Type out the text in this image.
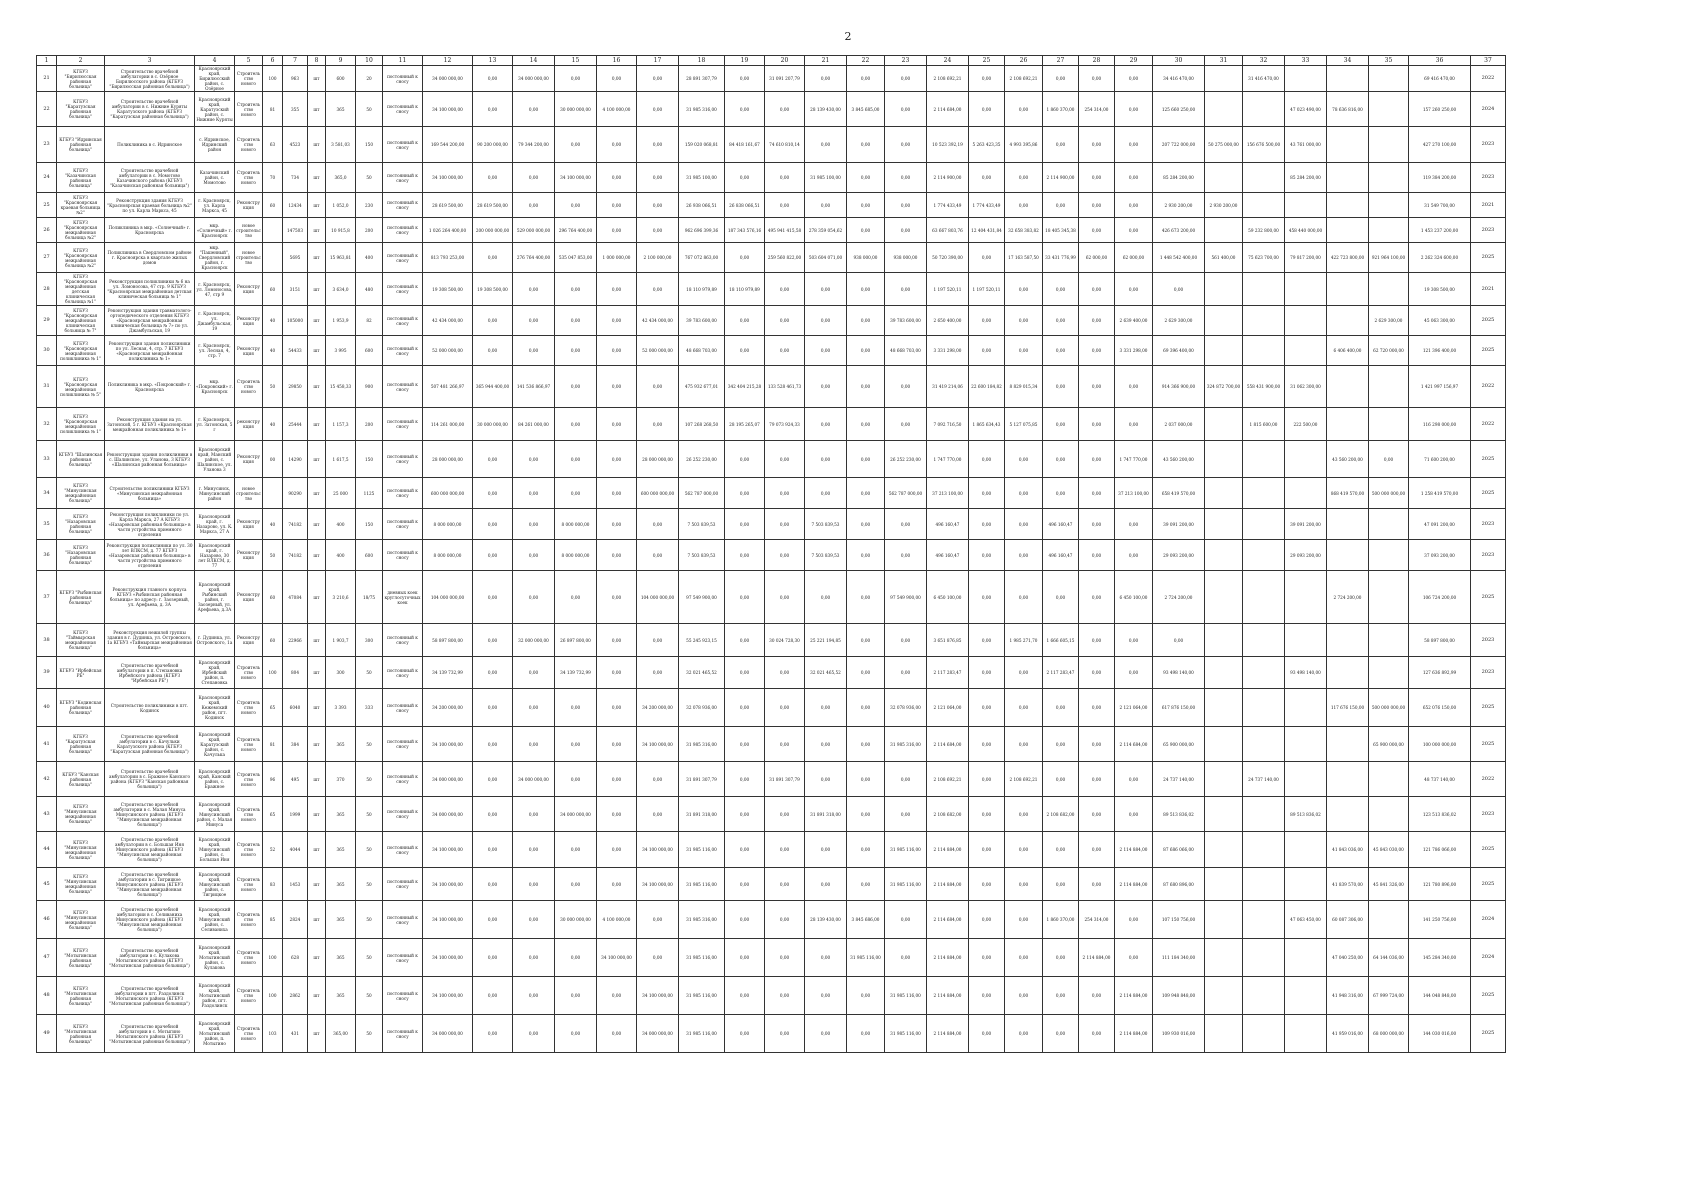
2
1	2	3	4	5	6	7	8	9	10	11	12	13	14	15	16	17	18	19	20	21	22	23	24	25	26	27	28	29	30	31	32	33	34	35	36	37
21	КГБУЗ "Бирилюсская районная больница"	Строительство врачебной амбулатории в с. Озёрное Бирилюсского района (КГБУЗ "Бирилюсская районная больница")	Красноярский край, Бирилюсский район, с. Озёрное	Строительство нового	100	963	шт	600	20	постоянный к сносу	34 000 000,00	0,00	34 000 000,00	0,00	0,00	0,00	28 891 307,79	0,00	31 091 207,79	0,00	0,00	0,00	2 108 692,21	0,00	2 108 692,21	0,00	0,00	0,00	34 416 470,00		31 416 470,00				69 416 470,00	2022
22	КГБУЗ "Каратузская районная больница"	Строительство врачебной амбулатории в с. Нижние Куряты Каратузского района (КГБУЗ "Каратузская районная больница")	Красноярский край, Каратузский район, с. Нижние Куряты	Строительство нового	81	355	шт	365	50	постоянный к сносу	34 100 000,00	0,00	0,00	30 000 000,00	4 100 000,00	0,00	31 985 316,00	0,00	0,00	28 139 430,00	3 845 685,00	0,00	2 114 684,00	0,00	0,00	1 860 370,00	254 314,00	0,00	125 660 250,00			47 023 490,00	78 636 816,00		157 260 250,00	2024
23	КГБУЗ "Идринская районная больница"	Поликлиника в с. Идринское	с. Идринское, Идринский район	Строительство нового	63	4523	шт	3 581,03	150	постоянный к сносу	169 544 200,00	90 200 000,00	79 344 200,00	0,00	0,00	0,00	159 020 068,81	84 418 161,67	74 610 810,14	0,00	0,00	0,00	10 523 392,19	5 263 423,35	4 993 395,86	0,00	0,00	0,00	207 722 000,00	50 275 000,00	156 676 500,00	43 761 000,00			427 270 100,00	2023
24	КГБУЗ "Казачинская районная больница"	Строительство врачебной амбулатории в с. Момотово Казачинского района (КГБУЗ "Казачинская районная больница")	Казачинский район, с. Момотово	Строительство нового	70	734	шт	365,0	50	постоянный к сносу	34 100 000,00	0,00	0,00	34 100 000,00	0,00	0,00	31 985 100,00	0,00	0,00	31 985 100,00	0,00	0,00	2 114 900,00	0,00	0,00	2 114 900,00	0,00	0,00	85 284 200,00			85 284 200,00			119 384 200,00	2023
25	КГБУЗ "Красноярская краевая больница №2"	Реконструкция здания КГБУЗ "Красноярская краевая больница №2" по ул. Карла Маркса, 45	г. Красноярск, ул. Карла Маркса, 45	Реконструкция	60	12434	шт	1 052,0	230	постоянный к сносу	28 619 500,00	28 619 500,00	0,00	0,00	0,00	0,00	26 938 066,51	26 838 066,51	0,00	0,00	0,00	0,00	1 774 433,49	1 774 433,49	0,00	0,00	0,00	0,00	2 930 200,00	2 930 200,00					31 549 700,00	2021
26	КГБУЗ "Красноярская межрайонная больница №2"	Поликлиника в мкр. «Солнечный» г. Красноярска	мкр. «Солнечный» г. Красноярск	новое строительство		147503	шт	10 915,8	200	постоянный к сносу	1 026 264 400,00	200 000 000,00	529 000 000,00	296 764 400,00	0,00	0,00	962 696 399,36	187 343 576,16	495 941 415,58	278 359 054,62	0,00	0,00	63 667 803,76	12 404 431,84	32 658 383,82	18 405 345,38	0,00	0,00	426 673 200,00		59 232 800,00	458 440 000,00			1 453 237 200,00	2023
27	КГБУЗ "Красноярская межрайонная больница №2"	Поликлиника в Свердловском районе г. Красноярска в квартале жилых домов	мкр. "Пашенный", Свердловский район, г. Красноярск	новое строительство		5695	шт	15 963,81	400	постоянный к сносу	813 793 253,00	0,00	276 764 400,00	535 047 853,00	1 000 000,00	2 100 000,00	767 072 863,00	0,00	259 560 822,00	503 604 071,00	938 000,00	938 000,00	50 720 390,00	0,00	17 163 587,50	33 431 776,99	62 000,00	62 000,00	1 448 542 400,00	561 400,00	75 623 700,00	79 817 200,00	422 723 800,00	921 964 100,00	2 262 324 600,00	2025
28	КГБУЗ "Красноярская межрайонная детская клиническая больница №1"	Реконструкция поликлиники № 6 на ул. Ломоносова, 47 стр. 9 КГБУЗ "Красноярская межрайонная детская клиническая больница № 1"	г. Красноярск, ул. Ломоносова, 47, стр 9	Реконструкция	60	3151	шт	3 634,0	480	постоянный к сносу	19 308 500,00	19 308 500,00	0,00	0,00	0,00	0,00	18 110 979,89	18 110 979,89	0,00	0,00	0,00	0,00	1 197 520,11	1 197 520,11	0,00	0,00	0,00	0,00	0,00						19 308 500,00	2021
29	КГБУЗ "Красноярская межрайонная клиническая больница № 7"	Реконструкция здания травматолого-ортопедического отделения КГБУЗ «Красноярская межрайонная клиническая больница № 7» по ул. Джамбульская, 19	г. Красноярск, ул. Джамбульская, 19	Реконструкция	40	105000	шт	1 953,9	82	постоянный к сносу	42 434 000,00	0,00	0,00	0,00	0,00	42 434 000,00	39 783 600,00	0,00	0,00	0,00	0,00	39 783 600,00	2 650 400,00	0,00	0,00	0,00	0,00	2 639 400,00	2 629 300,00					2 629 300,00	45 063 300,00	2025
30	КГБУЗ "Красноярская межрайонная поликлиника № 1"	Реконструкция здания поликлиники по ул. Лесная, 4, стр. 7 КГБУЗ «Красноярская межрайонная поликлиника № 1»	г. Красноярск, ул. Лесная, 4, стр. 7	Реконструкция	40	54433	шт	3 995	600	постоянный к сносу	52 000 000,00	0,00	0,00	0,00	0,00	52 000 000,00	48 668 703,00	0,00	0,00	0,00	0,00	48 668 703,00	3 331 298,00	0,00	0,00	0,00	0,00	3 331 298,00	69 396 400,00				6 406 400,00	62 720 000,00	121 396 400,00	2025
31	КГБУЗ "Красноярская межрайонная поликлиника № 5"	Поликлиника в мкр. «Покровский» г. Красноярска	мкр. «Покровский» г. Красноярск	Строительство нового	50	29850	шт	15 458,33	900	постоянный к сносу	507 481 266,97	365 944 400,00	141 536 866,97	0,00	0,00	0,00	475 932 677,01	342 404 215,28	133 528 461,73	0,00	0,00	0,00	31 419 214,06	22 600 184,82	8 829 015,34	0,00	0,00	0,00	914 366 900,00	324 872 700,00	558 431 900,00	31 062 300,00			1 421 997 156,97	2022
32	КГБУЗ "Красноярская межрайонная поликлиника № 1"	Реконструкция здания на ул. Затонской, 5 г. КГБУЗ «Красноярская межрайонная поликлиника № 1»	г. Красноярск, ул. Затонская, 5 г	реконструкция	40	25444	шт	1 157,3	200	постоянный к сносу	114 261 000,00	30 000 000,00	84 261 000,00	0,00	0,00	0,00	107 268 268,50	28 195 265,07	79 073 924,33	0,00	0,00	0,00	7 092 716,50	1 865 634,43	5 127 075,85	0,00	0,00	0,00	2 037 000,00		1 815 600,00	222 500,00			116 298 000,00	2022
33	КГБУЗ "Шалинская районная больница"	Реконструкция здания поликлиники в с. Шалинское, ул. Уланова, 3 КГБУЗ «Шалинская районная больница»	Красноярский край, Манский район, с. Шалинское, ул. Уланова 3	Реконструкция	00	14290	шт	1 617,5	150	постоянный к сносу	28 000 000,00	0,00	0,00	0,00	0,00	28 000 000,00	26 252 230,00	0,00	0,00	0,00	0,00	26 252 230,00	1 747 770,00	0,00	0,00	0,00	0,00	1 747 770,00	43 560 200,00				43 560 200,00	0,00	71 600 200,00	2025
34	КГБУЗ "Минусинская межрайонная больница"	Строительство поликлиники КГБУЗ «Минусинская межрайонная больница»	г. Минусинск, Минусинский район	новое строительство		90290	шт	25 000	1125	постоянный к сносу	600 000 000,00	0,00	0,00	0,00	0,00	600 000 000,00	562 787 000,00	0,00	0,00	0,00	0,00	562 787 000,00	37 213 100,00	0,00	0,00	0,00	0,00	37 213 100,00	658 419 570,00				868 419 570,00	500 000 000,00	1 258 419 570,00	2025
35	КГБУЗ "Назаровская районная больница"	Реконструкция поликлиники по ул. Карла Маркса, 27 А КГБУЗ «Назаровская районная больница» в части устройства приемного отделения	Красноярский край, г. Назарово, ул. К. Маркса, 27 А	Реконструкция	40	74182	шт	400	150	постоянный к сносу	8 000 000,00	0,00	0,00	8 000 000,00	0,00	0,00	7 503 839,53	0,00	0,00	7 503 839,53	0,00	0,00	496 160,47	0,00	0,00	496 160,47	0,00	0,00	39 091 200,00			39 091 200,00			47 091 200,00	2023
36	КГБУЗ "Назаровская районная больница"	Реконструкция поликлиники по ул. 30 лет ВЛКСМ, д. 77 КГБУЗ «Назаровская районная больница» в части устройства приемного отделения	Красноярский край, г. Назарово, 30 лет ВЛКСМ, д. 77	Реконструкция	50	74182	шт	400	600	постоянный к сносу	8 000 000,00	0,00	0,00	8 000 000,00	0,00	0,00	7 503 839,53	0,00	0,00	7 503 839,53	0,00	0,00	496 160,47	0,00	0,00	496 160,47	0,00	0,00	29 093 200,00			29 093 200,00			37 093 200,00	2023
37	КГБУЗ "Рыбинская районная больница"	Реконструкция главного корпуса КГБУЗ «Рыбинская районная больница» по адресу: г. Заозерный, ул. Арефьева, д. 3А	Красноярский край, Рыбинский район, г. Заозерный, ул. Арефьева, д.3А	Реконструкция	60	47084	шт	3 210,6	18/75	дневных коек круглосуточных коек	104 000 000,00	0,00	0,00	0,00	0,00	104 000 000,00	97 549 900,00	0,00	0,00	0,00	0,00	97 549 900,00	6 450 100,00	0,00	0,00	0,00	0,00	6 450 100,00	2 724 200,00				2 724 200,00		106 724 200,00	2025
38	КГБУЗ "Таймырская межрайонная больница"	Реконструкция нежилой группы здания в г. Дудинка, ул. Островского, 1а КГБУЗ «Таймырская межрайонная больница»	г. Дудинка, ул. Островского, 1а	Реконструкция	60	22966	шт	1 903,7	300	постоянный к сносу	58 897 800,00	0,00	32 000 000,00	26 897 800,00	0,00	0,00	55 245 923,15	0,00	30 024 728,30	25 221 194,85	0,00	0,00	3 651 876,85	0,00	1 985 271,70	1 666 605,15	0,00	0,00	0,00						58 897 800,00	2023
39	КГБУЗ "Ирбейская РБ"	Строительство врачебной амбулатории в п. Степановка Ирбейского района (КГБУЗ "Ирбейская РБ")	Красноярский край, Ирбейский район, п. Степановка	Строительство нового	100	804	шт	300	50	постоянный к сносу	34 139 732,99	0,00	0,00	34 139 732,99	0,00	0,00	32 021 465,52	0,00	0,00	32 021 465,52	0,00	0,00	2 117 283,47	0,00	0,00	2 117 283,47	0,00	0,00	93 498 140,00			93 498 140,00			127 636 892,99	2023
40	КГБУЗ "Кодинская районная больница"	Строительство поликлиники в пгт. Кодинск	Красноярский край, Кежемский район, пгт. Кодинск	Строительство нового	65	6040	шт	3 393	333	постоянный к сносу	34 200 000,00	0,00	0,00	0,00	0,00	34 200 000,00	32 078 936,00	0,00	0,00	0,00	0,00	32 078 936,00	2 121 064,00	0,00	0,00	0,00	0,00	2 121 064,00	617 876 150,00				117 676 150,00	500 000 000,00	652 076 150,00	2025
41	КГБУЗ "Каратузская районная больница"	Строительство врачебной амбулатории в с. Качульки Каратузского района (КГБУЗ "Каратузская районная больница")	Красноярский край, Каратузский район, с. Качулька	Строительство нового	81	384	шт	365	50	постоянный к сносу	34 100 000,00	0,00	0,00	0,00	0,00	34 100 000,00	31 985 316,00	0,00	0,00	0,00	0,00	31 985 316,00	2 114 684,00	0,00	0,00	0,00	0,00	2 114 684,00	65 900 000,00					65 900 000,00	100 000 000,00	2025
42	КГБУЗ "Канская районная больница"	Строительство врачебной амбулатории в с. Бражное Канского района (КГБУЗ "Канская районная больница")	Красноярский край, Канский район, с. Бражное	Строительство нового	96	495	шт	370	50	постоянный к сносу	34 000 000,00	0,00	34 000 000,00	0,00	0,00	0,00	31 891 307,79	0,00	31 891 307,79	0,00	0,00	0,00	2 108 692,21	0,00	2 108 692,21	0,00	0,00	0,00	24 737 140,00		24 737 140,00				48 737 140,00	2022
43	КГБУЗ "Минусинская межрайонная больница"	Строительство врачебной амбулатории в с. Малая Минуса Минусинского района (КГБУЗ "Минусинская межрайонная больница")	Красноярский край, Минусинский район, с. Малая Минуса	Строительство нового	65	1999	шт	365	50	постоянный к сносу	34 000 000,00	0,00	0,00	34 000 000,00	0,00	0,00	31 891 318,00	0,00	0,00	31 891 318,00	0,00	0,00	2 108 682,00	0,00	0,00	2 108 682,00	0,00	0,00	89 513 836,02			89 513 836,02			123 513 836,02	2023
44	КГБУЗ "Минусинская межрайонная больница"	Строительство врачебной амбулатории в с. Большая Иня Минусинского района (КГБУЗ "Минусинская межрайонная больница")	Красноярский край, Минусинский район, с. Большая Иня	Строительство нового	52	4044	шт	365	50	постоянный к сносу	34 100 000,00	0,00	0,00	0,00	0,00	34 100 000,00	31 985 116,00	0,00	0,00	0,00	0,00	31 985 116,00	2 114 884,00	0,00	0,00	0,00	0,00	2 114 884,00	87 686 066,00				41 843 036,00	45 843 030,00	121 786 066,00	2025
45	КГБУЗ "Минусинская межрайонная больница"	Строительство врачебной амбулатории в с. Тигрицкое Минусинского района (КГБУЗ "Минусинская межрайонная больница")	Красноярский край, Минусинский район, с. Тигрицкое	Строительство нового	83	1453	шт	365	50	постоянный к сносу	34 100 000,00	0,00	0,00	0,00	0,00	34 100 000,00	31 985 116,00	0,00	0,00	0,00	0,00	31 985 116,00	2 114 884,00	0,00	0,00	0,00	0,00	2 114 884,00	87 680 896,00				41 839 570,00	45 841 326,00	121 780 896,00	2025
46	КГБУЗ "Минусинская межрайонная больница"	Строительство врачебной амбулатории в с. Селиваниха Минусинского района (КГБУЗ "Минусинская межрайонная больница")	Красноярский край, Минусинский район, с. Селиваниха	Строительство нового	85	2824	шт	365	50	постоянный к сносу	34 100 000,00	0,00	0,00	30 000 000,00	4 100 000,00	0,00	31 985 316,00	0,00	0,00	28 139 430,00	3 845 686,00	0,00	2 114 684,00	0,00	0,00	1 860 370,00	254 314,00	0,00	107 150 756,00			47 063 450,00	60 087 306,00		141 250 756,00	2024
47	КГБУЗ "Мотыгинская районная больница"	Строительство врачебной амбулатории в с. Кулакова Мотыгинского района (КГБУЗ "Мотыгинская районная больница")	Красноярский край, Мотыгинский район, с. Кулакова	Строительство нового	100	628	шт	365	50	постоянный к сносу	34 100 000,00	0,00	0,00	0,00	34 100 000,00	0,00	31 985 116,00	0,00	0,00	0,00	31 985 116,00	0,00	2 114 884,00	0,00	0,00	0,00	2 114 884,00	0,00	111 184 340,00				47 040 250,00	64 144 036,00	145 284 340,00	2024
48	КГБУЗ "Мотыгинская районная больница"	Строительство врачебной амбулатории в пгт. Раздолинск Мотыгинского района (КГБУЗ "Мотыгинская районная больница")	Красноярский край, Мотыгинский район, пгт. Раздолинск	Строительство нового	100	2862	шт	365	50	постоянный к сносу	34 100 000,00	0,00	0,00	0,00	0,00	34 100 000,00	31 985 116,00	0,00	0,00	0,00	0,00	31 985 116,00	2 114 884,00	0,00	0,00	0,00	0,00	2 114 884,00	109 948 848,00				41 948 316,00	67 999 724,00	144 048 848,00	2025
49	КГБУЗ "Мотыгинская районная больница"	Строительство врачебной амбулатории в с. Мотыгино Мотыгинского района (КГБУЗ "Мотыгинская районная больница")	Красноярский край, Мотыгинский район, п. Мотыгино	Строительство нового	103	431	шт	365,00	50	постоянный к сносу	34 000 000,00	0,00	0,00	0,00	0,00	34 000 000,00	31 985 116,00	0,00	0,00	0,00	0,00	31 985 116,00	2 114 884,00	0,00	0,00	0,00	0,00	2 114 884,00	109 930 016,00				41 959 016,00	68 000 000,00	144 030 016,00	2025
